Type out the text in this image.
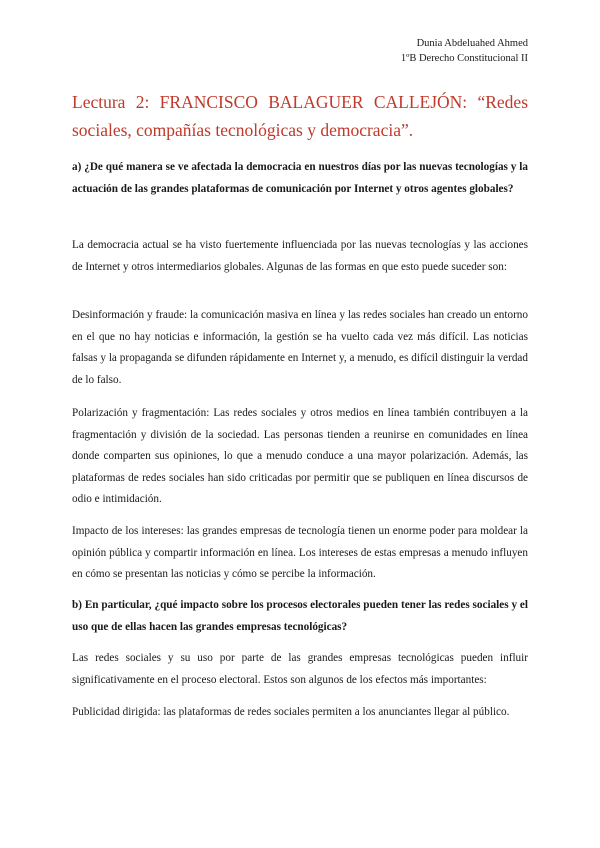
Dunia Abdeluahed Ahmed
1ºB Derecho Constitucional II
Lectura 2: FRANCISCO BALAGUER CALLEJÓN: “Redes sociales, compañías tecnológicas y democracia”.

a) ¿De qué manera se ve afectada la democracia en nuestros días por las nuevas tecnologías y la actuación de las grandes plataformas de comunicación por Internet y otros agentes globales?

La democracia actual se ha visto fuertemente influenciada por las nuevas tecnologías y las acciones de Internet y otros intermediarios globales. Algunas de las formas en que esto puede suceder son:

Desinformación y fraude: la comunicación masiva en línea y las redes sociales han creado un entorno en el que no hay noticias e información, la gestión se ha vuelto cada vez más difícil. Las noticias falsas y la propaganda se difunden rápidamente en Internet y, a menudo, es difícil distinguir la verdad de lo falso.

Polarización y fragmentación: Las redes sociales y otros medios en línea también contribuyen a la fragmentación y división de la sociedad. Las personas tienden a reunirse en comunidades en línea donde comparten sus opiniones, lo que a menudo conduce a una mayor polarización. Además, las plataformas de redes sociales han sido criticadas por permitir que se publiquen en línea discursos de odio e intimidación.

Impacto de los intereses: las grandes empresas de tecnología tienen un enorme poder para moldear la opinión pública y compartir información en línea. Los intereses de estas empresas a menudo influyen en cómo se presentan las noticias y cómo se percibe la información.

b) En particular, ¿qué impacto sobre los procesos electorales pueden tener las redes sociales y el uso que de ellas hacen las grandes empresas tecnológicas?

Las redes sociales y su uso por parte de las grandes empresas tecnológicas pueden influir significativamente en el proceso electoral. Estos son algunos de los efectos más importantes:

Publicidad dirigida: las plataformas de redes sociales permiten a los anunciantes llegar al público.
